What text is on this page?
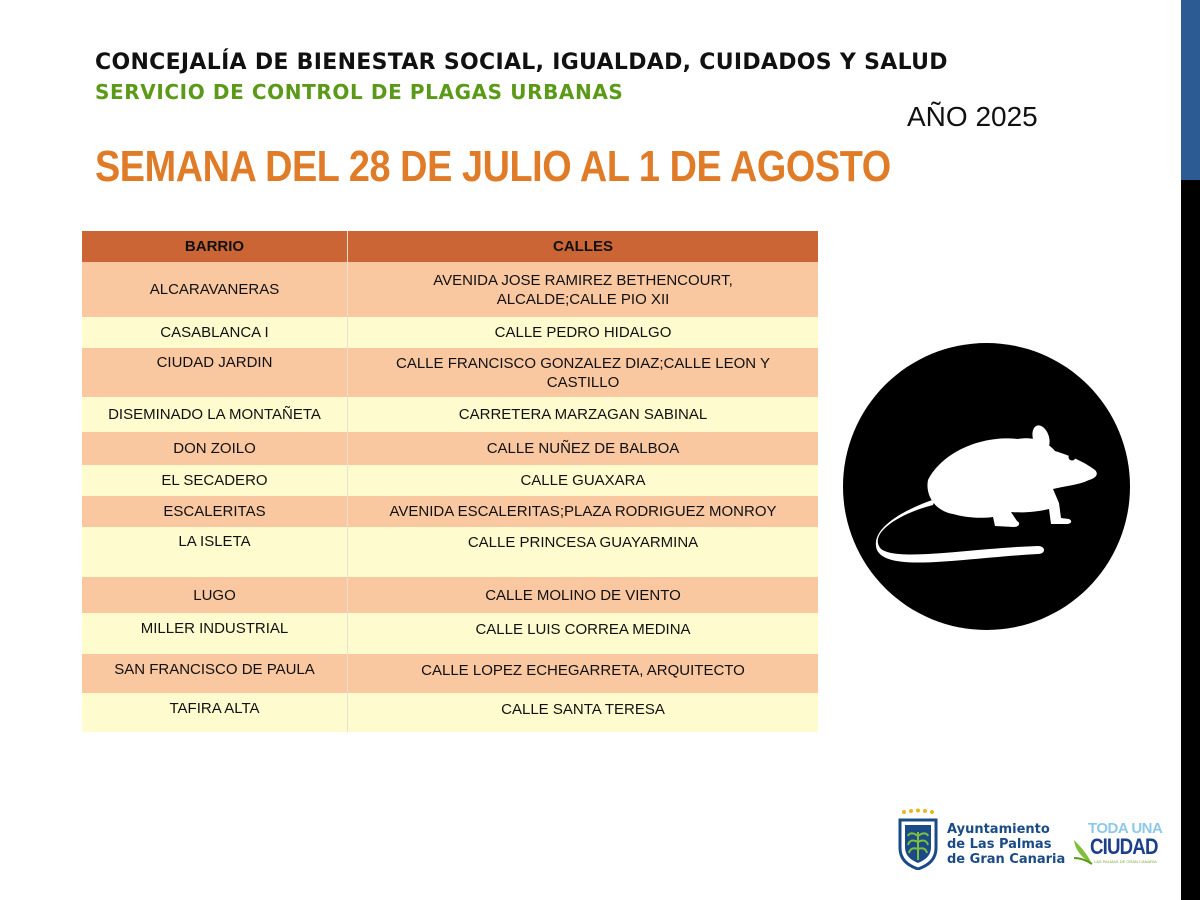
CONCEJALÍA DE BIENESTAR SOCIAL, IGUALDAD, CUIDADOS Y SALUD
SERVICIO DE CONTROL DE PLAGAS URBANAS
AÑO 2025
SEMANA DEL 28 DE JULIO AL 1 DE AGOSTO
BARRIO	CALLES
ALCARAVANERAS	AVENIDA JOSE RAMIREZ BETHENCOURT,
ALCALDE;CALLE PIO XII

CASABLANCA I	CALLE PEDRO HIDALGO

CIUDAD JARDIN	CALLE FRANCISCO GONZALEZ DIAZ;CALLE LEON Y
CASTILLO

DISEMINADO LA MONTAÑETA	CARRETERA MARZAGAN SABINAL

DON ZOILO	CALLE NUÑEZ DE BALBOA

EL SECADERO	CALLE GUAXARA

ESCALERITAS	AVENIDA ESCALERITAS;PLAZA RODRIGUEZ MONROY

LA ISLETA	CALLE PRINCESA GUAYARMINA

LUGO	CALLE MOLINO DE VIENTO

MILLER INDUSTRIAL	CALLE LUIS CORREA MEDINA

SAN FRANCISCO DE PAULA	CALLE LOPEZ ECHEGARRETA, ARQUITECTO

TAFIRA ALTA	CALLE SANTA TERESA
Ayuntamiento
de Las Palmas
de Gran Canaria
TODA UNA
CIUDAD
LAS PALMAS DE GRAN CANARIA
